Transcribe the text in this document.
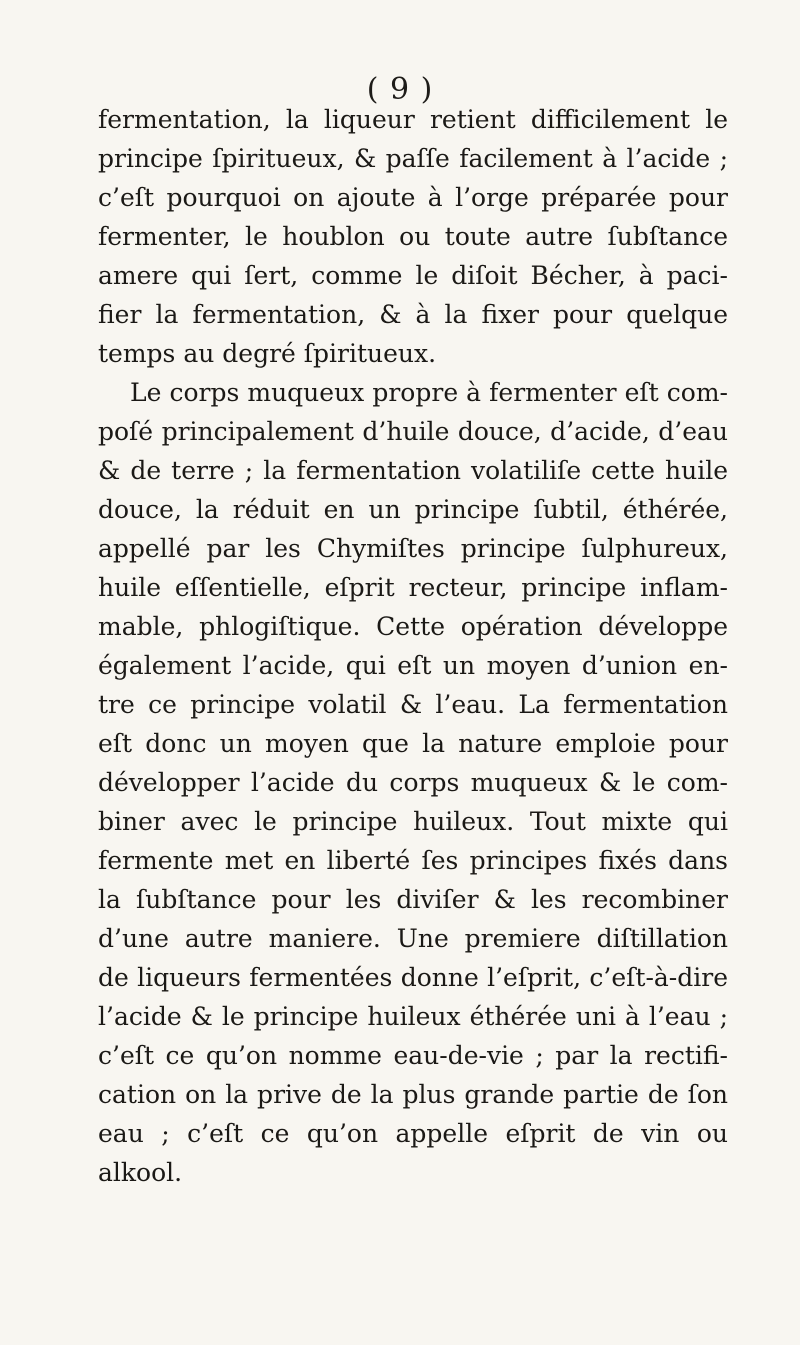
( 9 )
fermentation, la liqueur retient difficilement le
principe ſpiritueux, & paſſe facilement à l’acide ;
c’eſt pourquoi on ajoute à l’orge préparée pour
fermenter, le houblon ou toute autre ſubſtance
amere qui ſert, comme le diſoit Bécher, à paci-
fier la fermentation, & à la fixer pour quelque
temps au degré ſpiritueux.
Le corps muqueux propre à fermenter eſt com-
poſé principalement d’huile douce, d’acide, d’eau
& de terre ; la fermentation volatiliſe cette huile
douce, la réduit en un principe ſubtil, éthérée,
appellé par les Chymiſtes principe ſulphureux,
huile eſſentielle, eſprit recteur, principe inflam-
mable, phlogiſtique. Cette opération développe
également l’acide, qui eſt un moyen d’union en-
tre ce principe volatil & l’eau. La fermentation
eſt donc un moyen que la nature emploie pour
développer l’acide du corps muqueux & le com-
biner avec le principe huileux. Tout mixte qui
fermente met en liberté ſes principes fixés dans
la ſubſtance pour les diviſer & les recombiner
d’une autre maniere. Une premiere diſtillation
de liqueurs fermentées donne l’eſprit, c’eſt-à-dire
l’acide & le principe huileux éthérée uni à l’eau ;
c’eſt ce qu’on nomme eau-de-vie ; par la rectifi-
cation on la prive de la plus grande partie de ſon
eau ; c’eſt ce qu’on appelle eſprit de vin ou
alkool.
